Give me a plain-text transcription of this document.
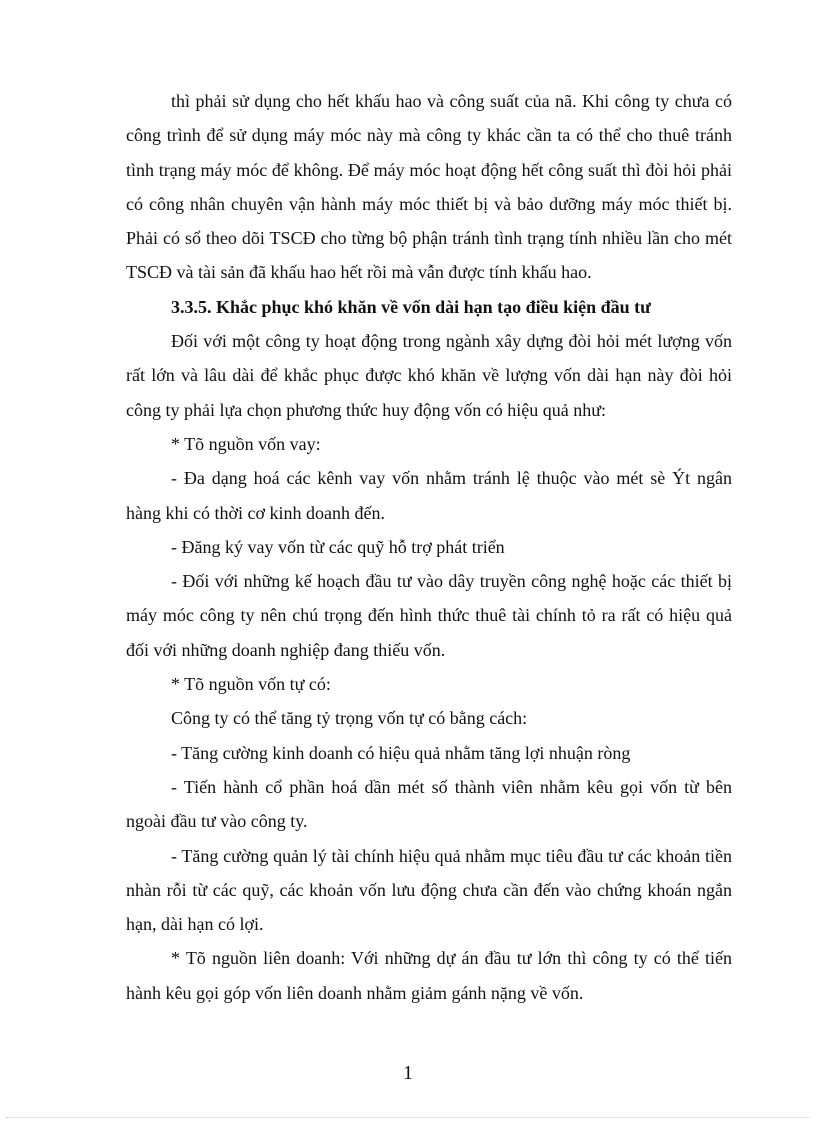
thì phải sử dụng cho hết khấu hao và công suất của nã. Khi công ty chưa có công trình để sử dụng máy móc này mà công ty khác cần ta có thể cho thuê tránh tình trạng máy móc để không. Để máy móc hoạt động hết công suất thì đòi hỏi phải có công nhân chuyên vận hành máy móc thiết bị và bảo dưỡng máy móc thiết bị. Phải có sổ theo dõi TSCĐ cho từng bộ phận tránh tình trạng tính nhiều lần cho mét TSCĐ và tài sản đã khấu hao hết rồi mà vẫn được tính khấu hao.

3.3.5. Khắc phục khó khăn về vốn dài hạn tạo điều kiện đầu tư

Đối với một công ty hoạt động trong ngành xây dựng đòi hỏi mét lượng vốn rất lớn và lâu dài để khắc phục được khó khăn về lượng vốn dài hạn này đòi hỏi công ty phải lựa chọn phương thức huy động vốn có hiệu quả như:

* Tõ nguồn vốn vay:

- Đa dạng hoá các kênh vay vốn nhằm tránh lệ thuộc vào mét sè Ýt ngân hàng khi có thời cơ kinh doanh đến.

- Đăng ký vay vốn từ các quỹ hỗ trợ phát triển

- Đối với những kế hoạch đầu tư vào dây truyền công nghệ hoặc các thiết bị máy móc công ty nên chú trọng đến hình thức thuê tài chính tỏ ra rất có hiệu quả đối với những doanh nghiệp đang thiếu vốn.

* Tõ nguồn vốn tự có:

Công ty có thể tăng tỷ trọng vốn tự có bằng cách:

- Tăng cường kinh doanh có hiệu quả nhằm tăng lợi nhuận ròng

- Tiến hành cổ phần hoá dần mét số thành viên nhằm kêu gọi vốn từ bên ngoài đầu tư vào công ty.

- Tăng cường quản lý tài chính hiệu quả nhằm mục tiêu đầu tư các khoản tiền nhàn rỗi từ các quỹ, các khoản vốn lưu động chưa cần đến vào chứng khoán ngắn hạn, dài hạn có lợi.

* Tõ nguồn liên doanh: Với những dự án đầu tư lớn thì công ty có thể tiến hành kêu gọi góp vốn liên doanh nhằm giảm gánh nặng về vốn.

1
